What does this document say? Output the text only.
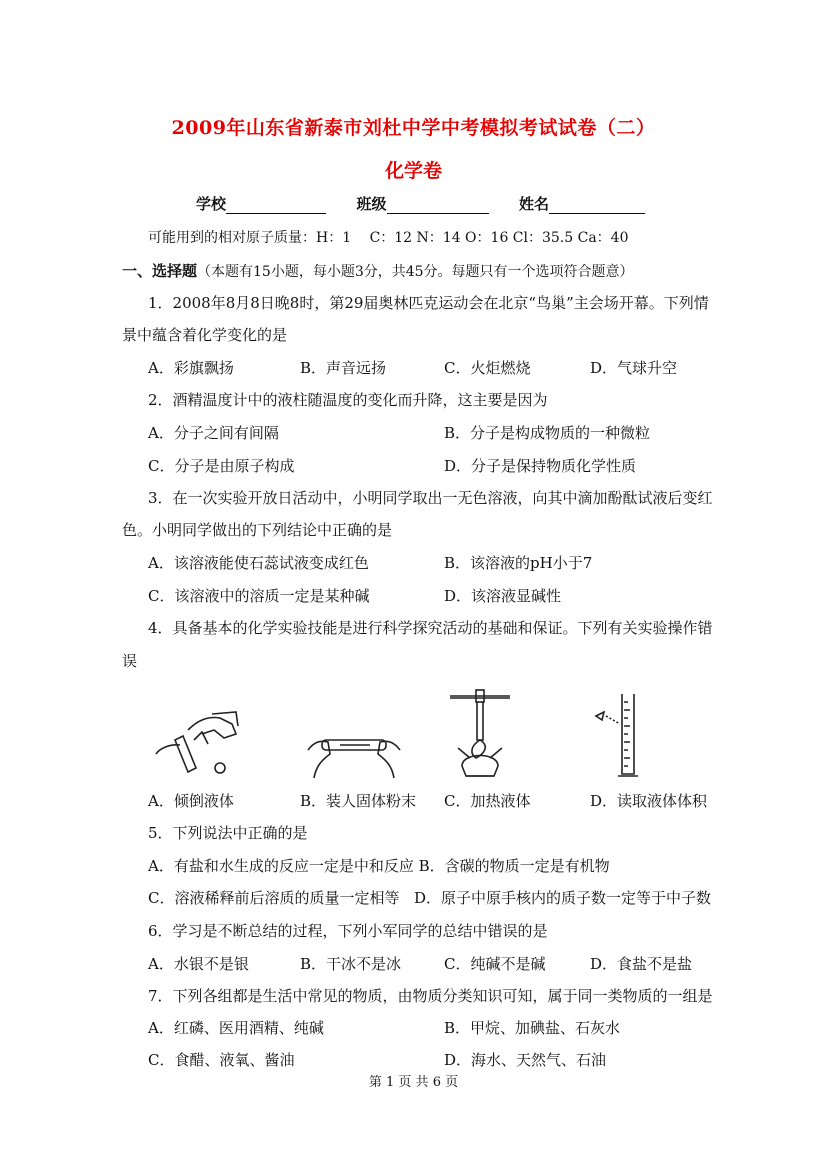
2009年山东省新泰市刘杜中学中考模拟考试试卷（二）
化学卷
学校	班级	姓名
可能用到的相对原子质量：H：1　 C：12 N：14 O：16 Cl：35.5 Ca：40
一、选择题（本题有15小题，每小题3分，共45分。每题只有一个选项符合题意）
1．2008年8月8日晚8时，第29届奥林匹克运动会在北京“鸟巢”主会场开幕。下列情
景中蕴含着化学变化的是
A．彩旗飘扬	B．声音远扬	C．火炬燃烧	D．气球升空
2．酒精温度计中的液柱随温度的变化而升降，这主要是因为
A．分子之间有间隔	B．分子是构成物质的一种微粒
C．分子是由原子构成	D．分子是保持物质化学性质
3．在一次实验开放日活动中，小明同学取出一无色溶液，向其中滴加酚酞试液后变红
色。小明同学做出的下列结论中正确的是
A．该溶液能使石蕊试液变成红色	B．该溶液的pH小于7
C．该溶液中的溶质一定是某种碱	D．该溶液显碱性
4．具备基本的化学实验技能是进行科学探究活动的基础和保证。下列有关实验操作错
误
A．倾倒液体	B．装人固体粉末 C．加热液体	D．读取液体体积
5．下列说法中正确的是
A．有盐和水生成的反应一定是中和反应 B．含碳的物质一定是有机物
C．溶液稀释前后溶质的质量一定相等 D．原子中原手核内的质子数一定等于中子数
6．学习是不断总结的过程，下列小军同学的总结中错误的是
A．水银不是银	B．干冰不是冰	C．纯碱不是碱	D．食盐不是盐
7．下列各组都是生活中常见的物质，由物质分类知识可知，属于同一类物质的一组是
A．红磷、医用酒精、纯碱	B．甲烷、加碘盐、石灰水
C．食醋、液氧、酱油	D．海水、天然气、石油
第 1 页 共 6 页
